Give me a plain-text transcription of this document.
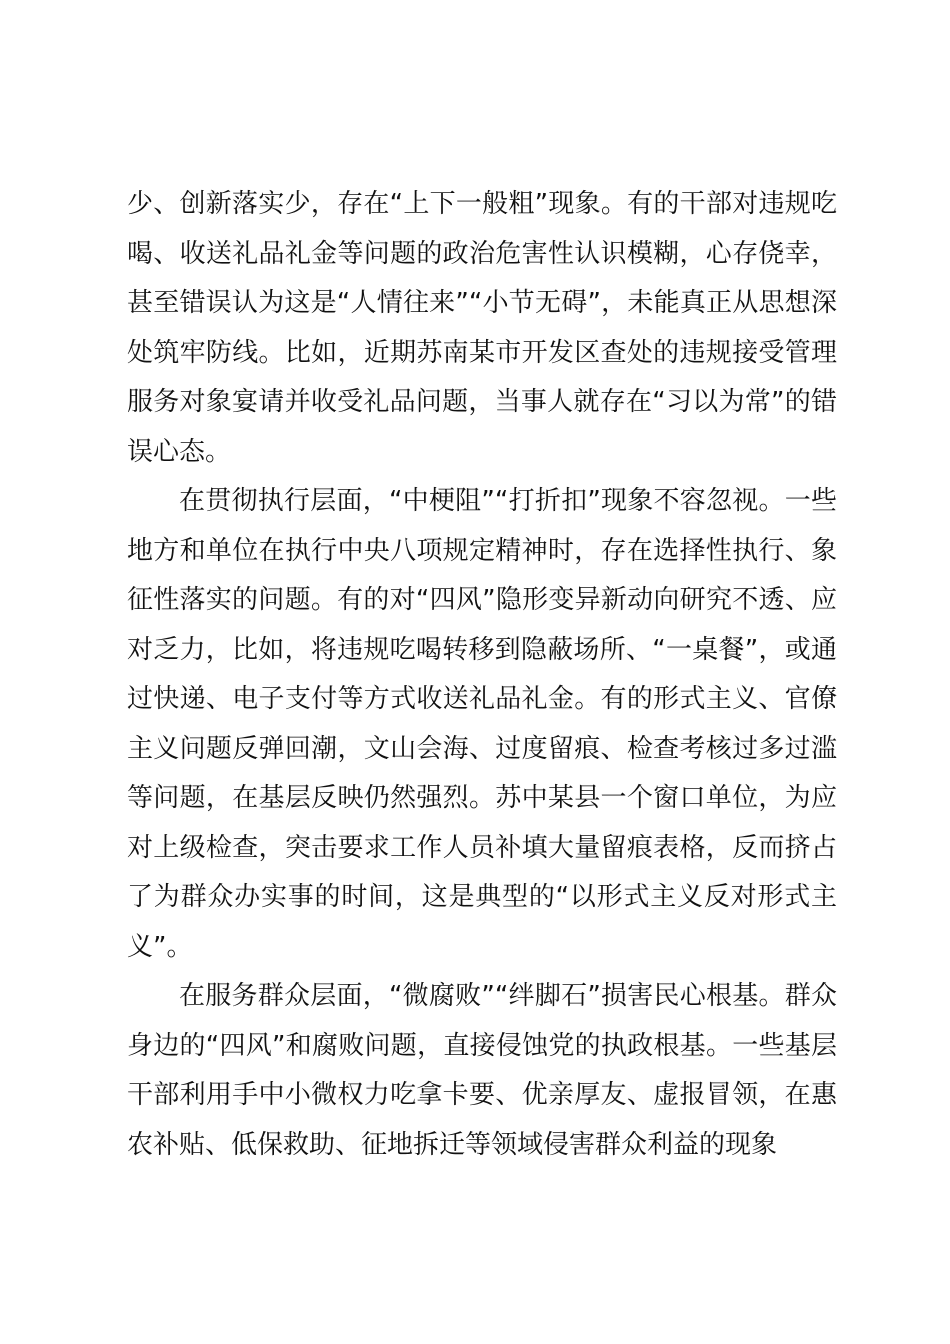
少、创新落实少，存在“上下一般粗”现象。有的干部对违规吃喝、收送礼品礼金等问题的政治危害性认识模糊，心存侥幸，甚至错误认为这是“人情往来”“小节无碍”，未能真正从思想深处筑牢防线。比如，近期苏南某市开发区查处的违规接受管理服务对象宴请并收受礼品问题，当事人就存在“习以为常”的错误心态。

在贯彻执行层面，“中梗阻”“打折扣”现象不容忽视。一些地方和单位在执行中央八项规定精神时，存在选择性执行、象征性落实的问题。有的对“四风”隐形变异新动向研究不透、应对乏力，比如，将违规吃喝转移到隐蔽场所、“一桌餐”，或通过快递、电子支付等方式收送礼品礼金。有的形式主义、官僚主义问题反弹回潮，文山会海、过度留痕、检查考核过多过滥等问题，在基层反映仍然强烈。苏中某县一个窗口单位，为应对上级检查，突击要求工作人员补填大量留痕表格，反而挤占了为群众办实事的时间，这是典型的“以形式主义反对形式主义”。

在服务群众层面，“微腐败”“绊脚石”损害民心根基。群众身边的“四风”和腐败问题，直接侵蚀党的执政根基。一些基层干部利用手中小微权力吃拿卡要、优亲厚友、虚报冒领，在惠农补贴、低保救助、征地拆迁等领域侵害群众利益的现象
